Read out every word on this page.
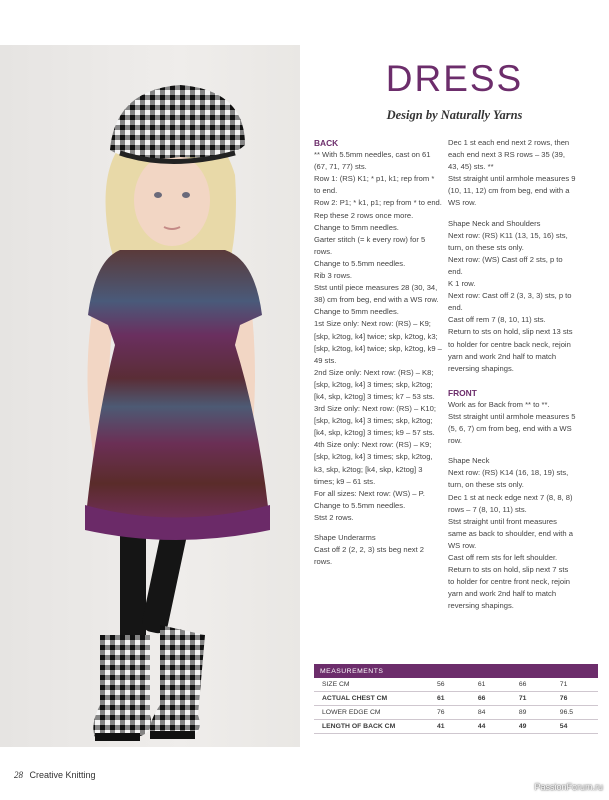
DRESS
Design by Naturally Yarns

BACK

** With 5.5mm needles, cast on 61 (67, 71, 77) sts.

Row 1: (RS) K1; * p1, k1; rep from * to end.

Row 2: P1; * k1, p1; rep from * to end.

Rep these 2 rows once more.

Change to 5mm needles.

Garter stitch (= k every row) for 5 rows.

Change to 5.5mm needles.

Rib 3 rows.

Stst until piece measures 28 (30, 34, 38) cm from beg, end with a WS row.

Change to 5mm needles.

1st Size only: Next row: (RS) – K9; [skp, k2tog, k4] twice; skp, k2tog, k3; [skp, k2tog, k4] twice; skp, k2tog, k9 – 49 sts.

2nd Size only: Next row: (RS) – K8; [skp, k2tog, k4] 3 times; skp, k2tog; [k4, skp, k2tog] 3 times; k7 – 53 sts.

3rd Size only: Next row: (RS) – K10; [skp, k2tog, k4] 3 times; skp, k2tog; [k4, skp, k2tog] 3 times; k9 – 57 sts.

4th Size only: Next row: (RS) – K9; [skp, k2tog, k4] 3 times; skp, k2tog, k3, skp, k2tog; [k4, skp, k2tog] 3 times; k9 – 61 sts.

For all sizes: Next row: (WS) – P.

Change to 5.5mm needles.

Stst 2 rows.

Shape Underarms

Cast off 2 (2, 2, 3) sts beg next 2 rows.

Dec 1 st each end next 2 rows, then each end next 3 RS rows – 35 (39, 43, 45) sts. **

Stst straight until armhole measures 9 (10, 11, 12) cm from beg, end with a WS row.

Shape Neck and Shoulders

Next row: (RS) K11 (13, 15, 16) sts, turn, on these sts only.

Next row: (WS) Cast off 2 sts, p to end.

K 1 row.

Next row: Cast off 2 (3, 3, 3) sts, p to end.

Cast off rem 7 (8, 10, 11) sts.

Return to sts on hold, slip next 13 sts to holder for centre back neck, rejoin yarn and work 2nd half to match reversing shapings.

FRONT

Work as for Back from ** to **.

Stst straight until armhole measures 5 (5, 6, 7) cm from beg, end with a WS row.

Shape Neck

Next row: (RS) K14 (16, 18, 19) sts, turn, on these sts only.

Dec 1 st at neck edge next 7 (8, 8, 8) rows – 7 (8, 10, 11) sts.

Stst straight until front measures same as back to shoulder, end with a WS row.

Cast off rem sts for left shoulder.

Return to sts on hold, slip next 7 sts to holder for centre front neck, rejoin yarn and work 2nd half to match reversing shapings.

MEASUREMENTS				
SIZE CM	56	61	66	71
ACTUAL CHEST CM	61	66	71	76
LOWER EDGE CM	76	84	89	96.5
LENGTH OF BACK CM	41	44	49	54
28 Creative Knitting
PassionForum.ru
